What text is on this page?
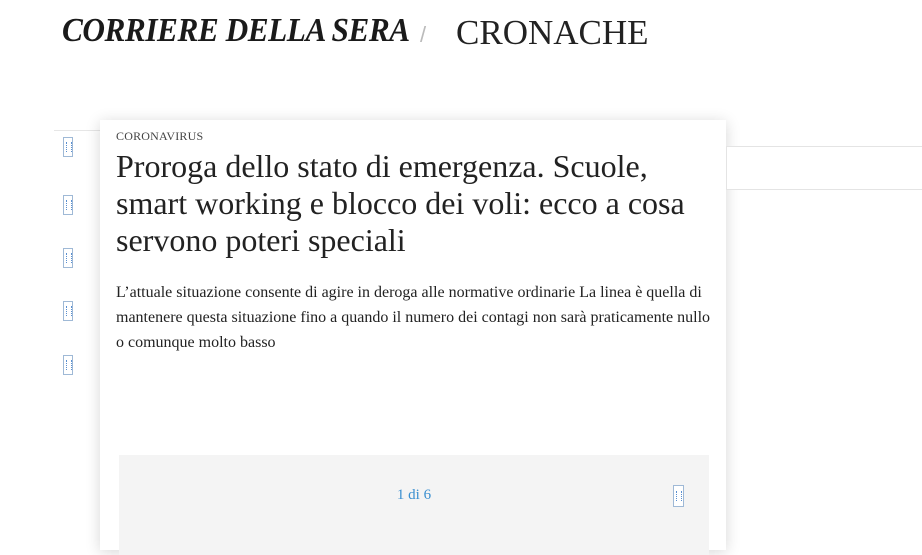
CORRIERE DELLA SERA / CRONACHE
CORONAVIRUS
Proroga dello stato di emergenza. Scuole, smart working e blocco dei voli: ecco a cosa servono poteri speciali

L’attuale situazione consente di agire in deroga alle normative ordinarie La linea è quella di mantenere questa situazione fino a quando il numero dei contagi non sarà praticamente nullo o comunque molto basso

1 di 6
